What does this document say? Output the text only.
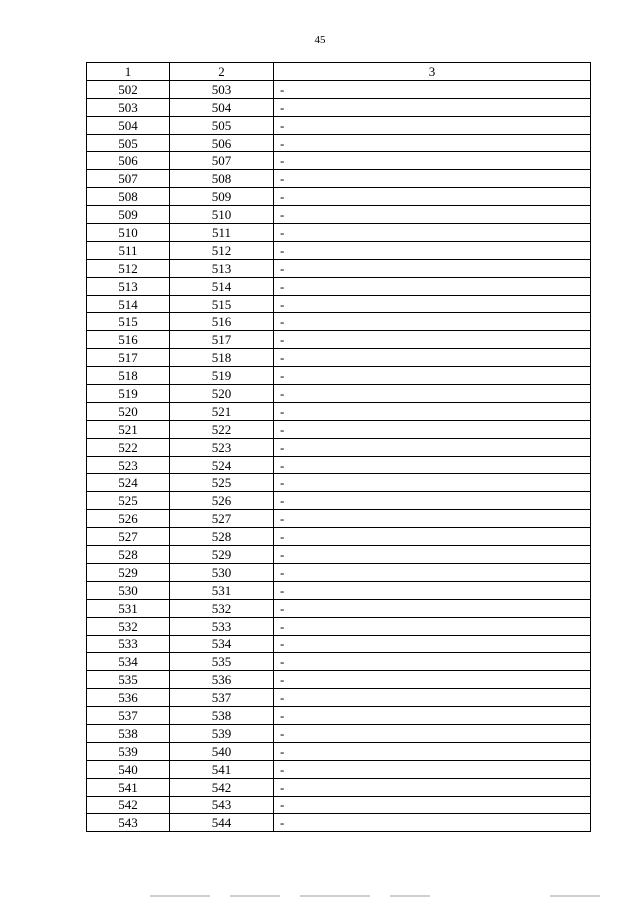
45
1	2	3
502	503	-
503	504	-
504	505	-
505	506	-
506	507	-
507	508	-
508	509	-
509	510	-
510	511	-
511	512	-
512	513	-
513	514	-
514	515	-
515	516	-
516	517	-
517	518	-
518	519	-
519	520	-
520	521	-
521	522	-
522	523	-
523	524	-
524	525	-
525	526	-
526	527	-
527	528	-
528	529	-
529	530	-
530	531	-
531	532	-
532	533	-
533	534	-
534	535	-
535	536	-
536	537	-
537	538	-
538	539	-
539	540	-
540	541	-
541	542	-
542	543	-
543	544	-
